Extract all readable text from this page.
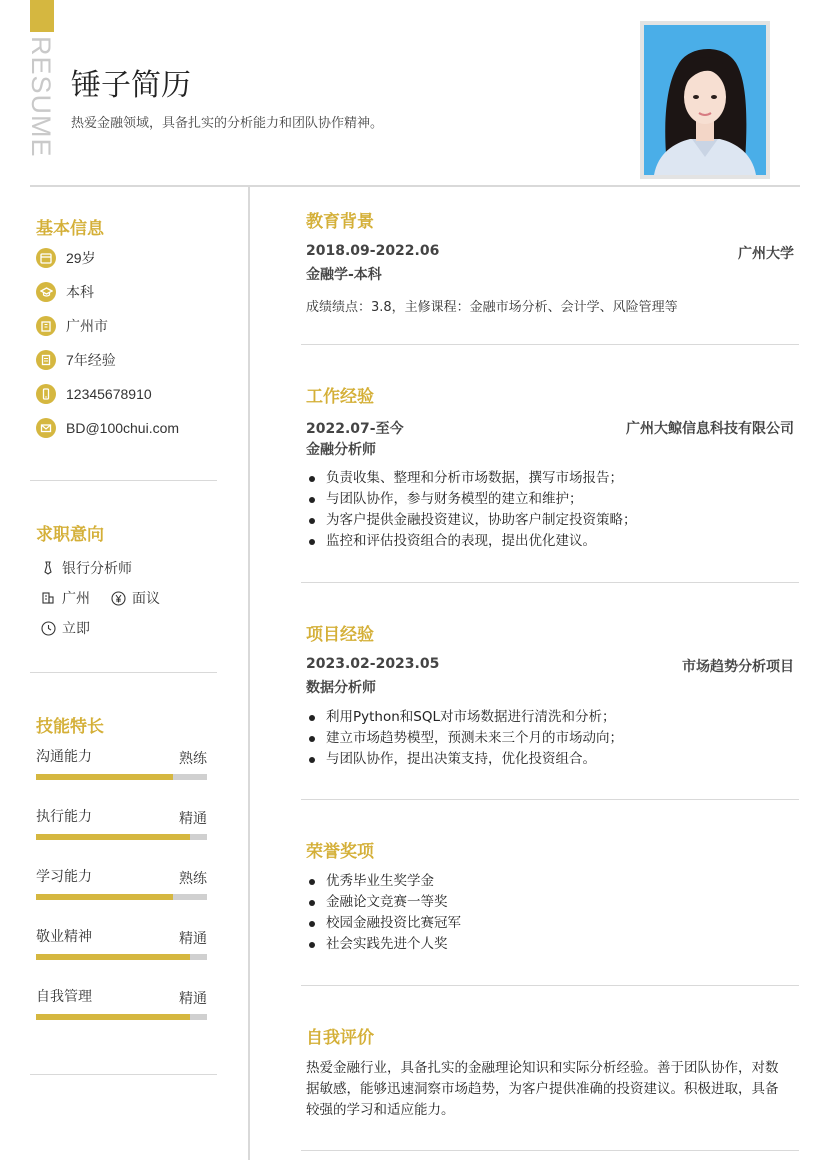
RESUME 锤子简历
热爱金融领域，具备扎实的分析能力和团队协作精神。
基本信息
29岁
本科
广州市
7年经验
12345678910
BD@100chui.com
求职意向
银行分析师
广州	面议
立即
技能特长
沟通能力	熟练
执行能力	精通
学习能力	熟练
敬业精神	精通
自我管理	精通
教育背景
2018.09-2022.06	广州大学
金融学-本科
成绩绩点：3.8，主修课程：金融市场分析、会计学、风险管理等
工作经验
2022.07-至今	广州大鲸信息科技有限公司
金融分析师
负责收集、整理和分析市场数据，撰写市场报告；
与团队协作，参与财务模型的建立和维护；
为客户提供金融投资建议，协助客户制定投资策略；
监控和评估投资组合的表现，提出优化建议。
项目经验
2023.02-2023.05	市场趋势分析项目
数据分析师
利用Python和SQL对市场数据进行清洗和分析；
建立市场趋势模型，预测未来三个月的市场动向；
与团队协作，提出决策支持，优化投资组合。
荣誉奖项
优秀毕业生奖学金
金融论文竞赛一等奖
校园金融投资比赛冠军
社会实践先进个人奖
自我评价
热爱金融行业，具备扎实的金融理论知识和实际分析经验。善于团队协作，对数据敏感，能够迅速洞察市场趋势，为客户提供准确的投资建议。积极进取，具备较强的学习和适应能力。
